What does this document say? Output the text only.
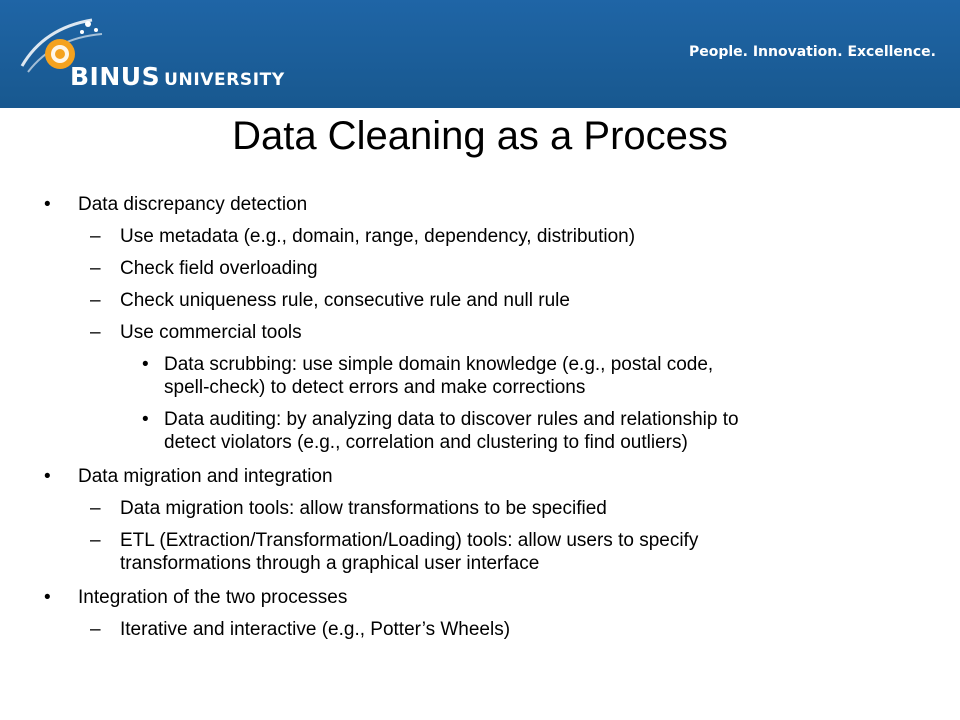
BINUS UNIVERSITY
People. Innovation. Excellence.
Data Cleaning as a Process
• Data discrepancy detection
– Use metadata (e.g., domain, range, dependency, distribution)
– Check field overloading
– Check uniqueness rule, consecutive rule and null rule
– Use commercial tools
• Data scrubbing: use simple domain knowledge (e.g., postal code,
spell-check) to detect errors and make corrections
• Data auditing: by analyzing data to discover rules and relationship to
detect violators (e.g., correlation and clustering to find outliers)
• Data migration and integration
– Data migration tools: allow transformations to be specified
– ETL (Extraction/Transformation/Loading) tools: allow users to specify
transformations through a graphical user interface
• Integration of the two processes
– Iterative and interactive (e.g., Potter’s Wheels)
